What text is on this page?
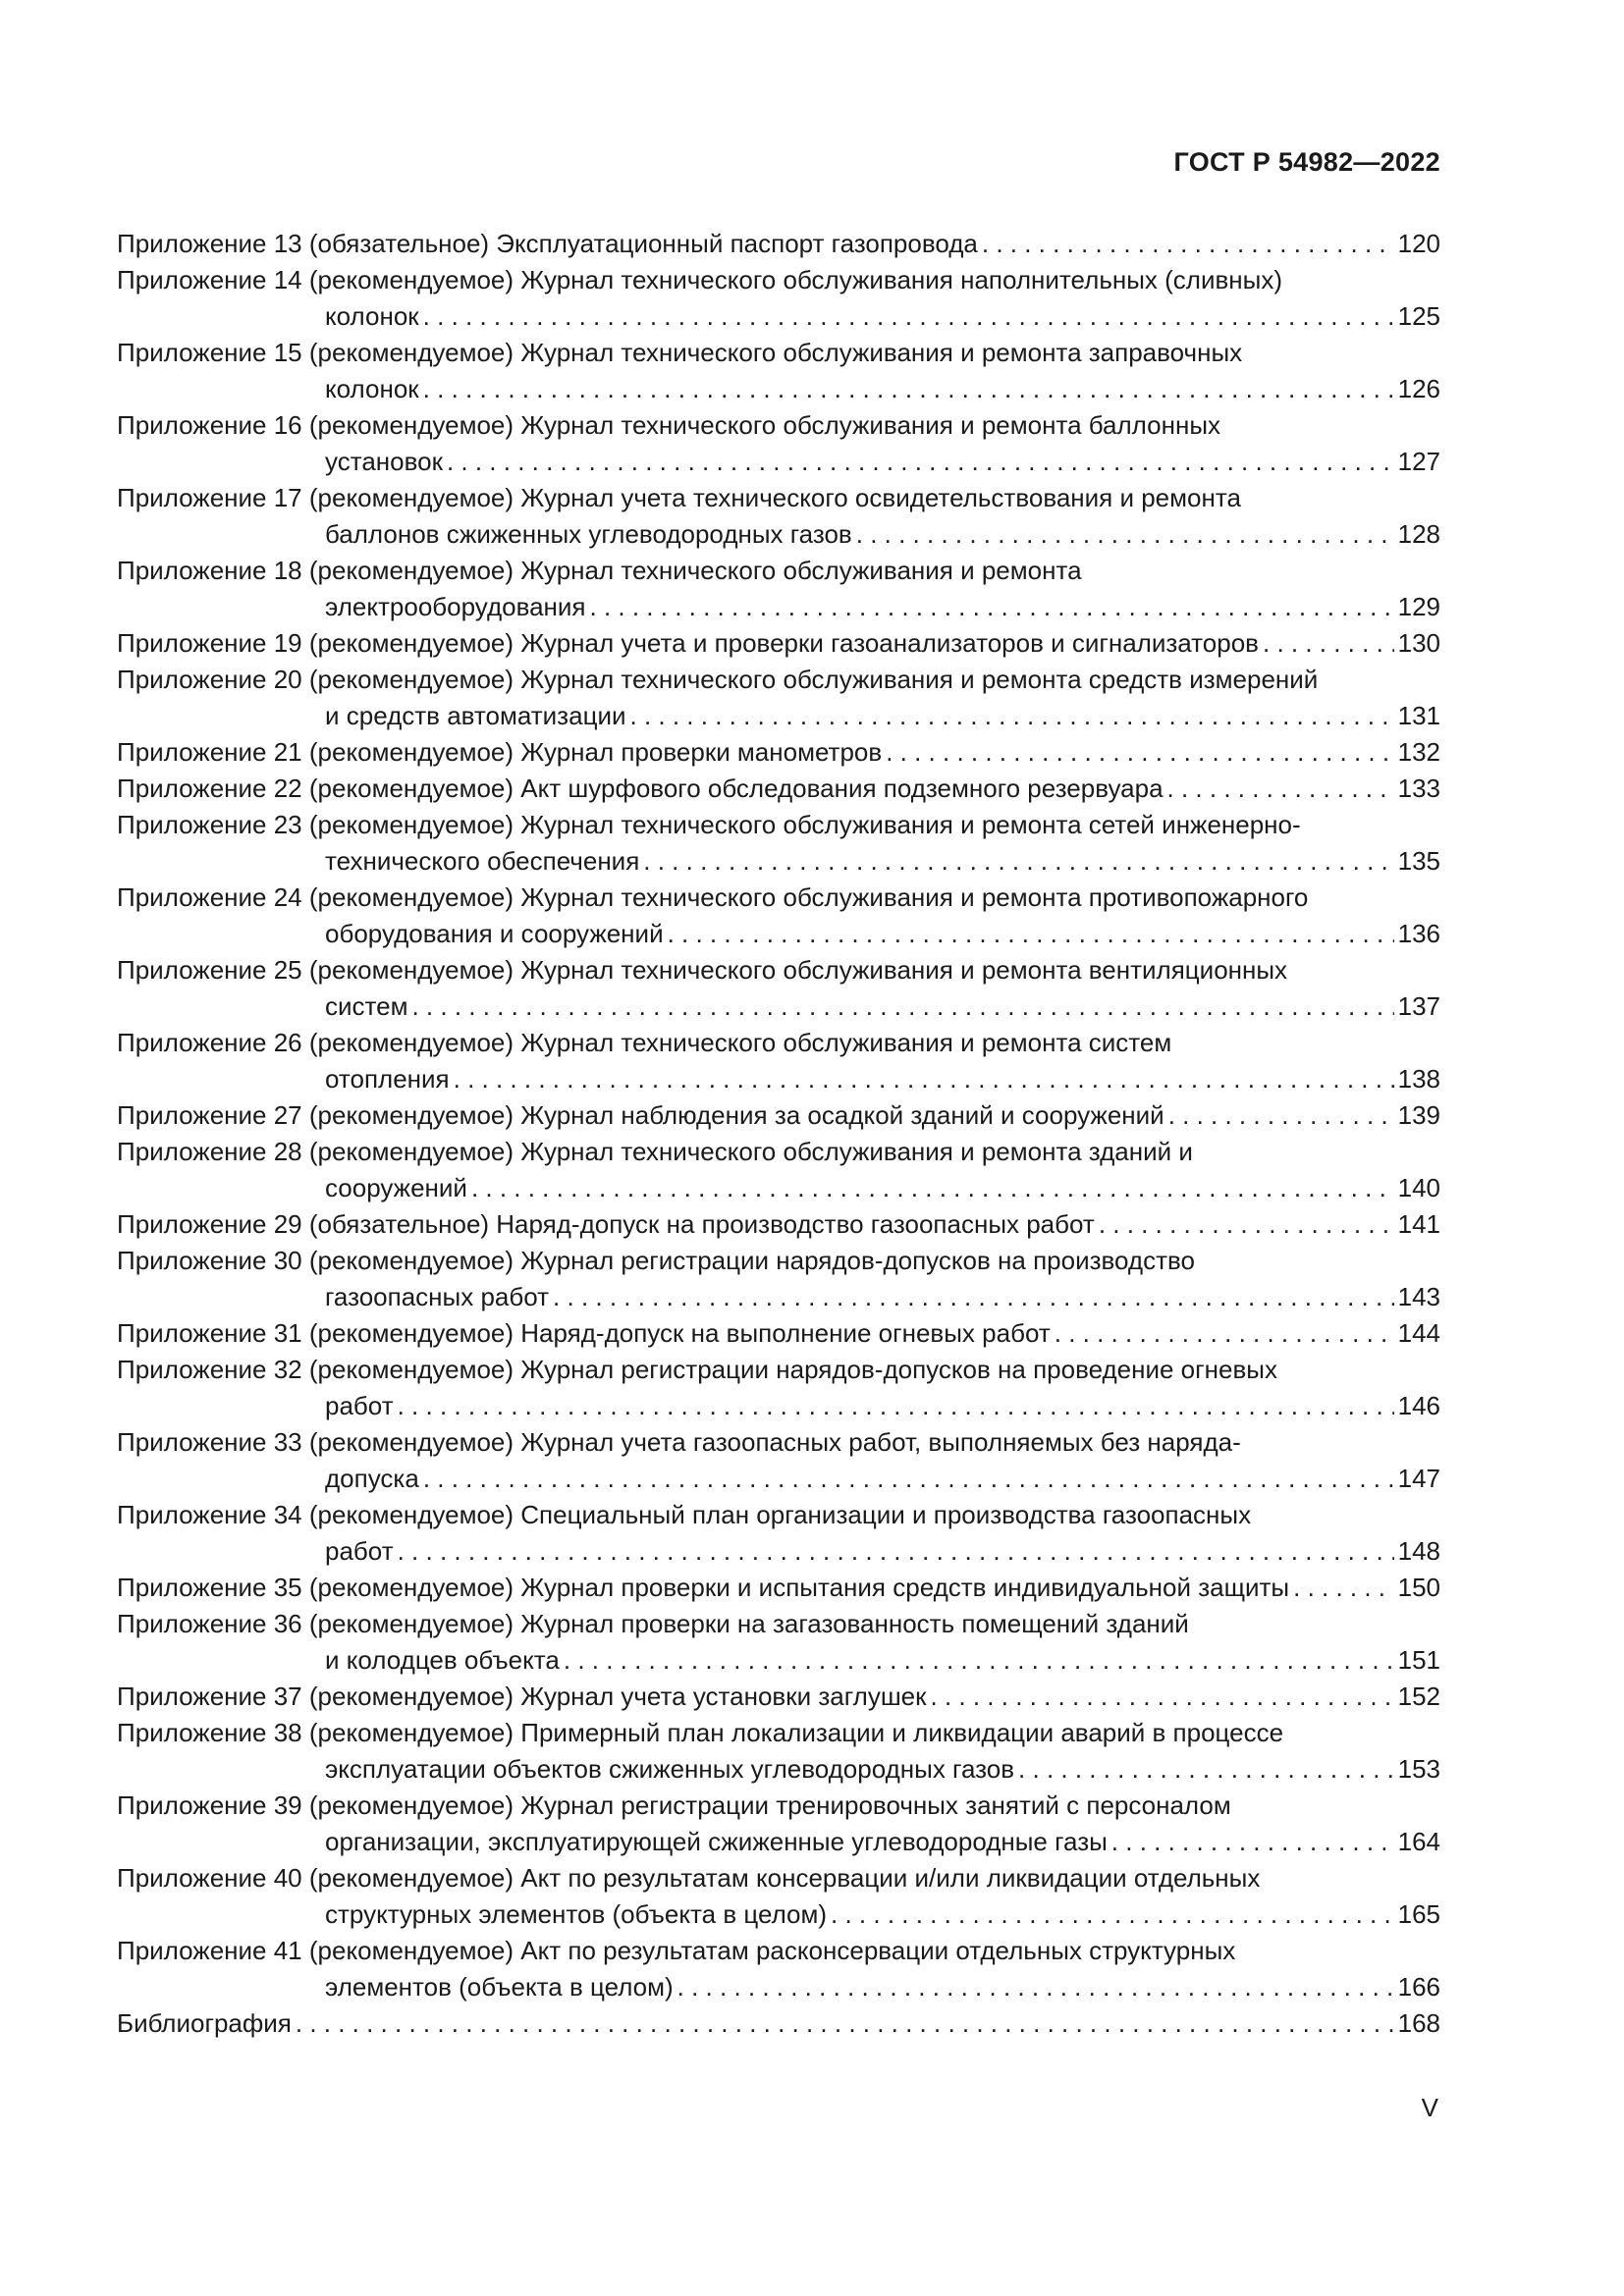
ГОСТ Р 54982—2022
Приложение 13 (обязательное) Эксплуатационный паспорт газопровода . . .	120
Приложение 14 (рекомендуемое) Журнал технического обслуживания наполнительных (сливных)
колонок . . .	125
Приложение 15 (рекомендуемое) Журнал технического обслуживания и ремонта заправочных
колонок . . .	126
Приложение 16 (рекомендуемое) Журнал технического обслуживания и ремонта баллонных
установок . . .	127
Приложение 17 (рекомендуемое) Журнал учета технического освидетельствования и ремонта
баллонов сжиженных углеводородных газов . . .	128
Приложение 18 (рекомендуемое) Журнал технического обслуживания и ремонта
электрооборудования . . .	129
Приложение 19 (рекомендуемое) Журнал учета и проверки газоанализаторов и сигнализаторов . . .	130
Приложение 20 (рекомендуемое) Журнал технического обслуживания и ремонта средств измерений
и средств автоматизации . . .	131
Приложение 21 (рекомендуемое) Журнал проверки манометров . . .	132
Приложение 22 (рекомендуемое) Акт шурфового обследования подземного резервуара . . .	133
Приложение 23 (рекомендуемое) Журнал технического обслуживания и ремонта сетей инженерно-
технического обеспечения . . .	135
Приложение 24 (рекомендуемое) Журнал технического обслуживания и ремонта противопожарного
оборудования и сооружений . . .	136
Приложение 25 (рекомендуемое) Журнал технического обслуживания и ремонта вентиляционных
систем . . .	137
Приложение 26 (рекомендуемое) Журнал технического обслуживания и ремонта систем
отопления . . .	138
Приложение 27 (рекомендуемое) Журнал наблюдения за осадкой зданий и сооружений . . .	139
Приложение 28 (рекомендуемое) Журнал технического обслуживания и ремонта зданий и
сооружений . . .	140
Приложение 29 (обязательное) Наряд-допуск на производство газоопасных работ . . .	141
Приложение 30 (рекомендуемое) Журнал регистрации нарядов-допусков на производство
газоопасных работ . . .	143
Приложение 31 (рекомендуемое) Наряд-допуск на выполнение огневых работ . . .	144
Приложение 32 (рекомендуемое) Журнал регистрации нарядов-допусков на проведение огневых
работ . . .	146
Приложение 33 (рекомендуемое) Журнал учета газоопасных работ, выполняемых без наряда-
допуска . . .	147
Приложение 34 (рекомендуемое) Специальный план организации и производства газоопасных
работ . . .	148
Приложение 35 (рекомендуемое) Журнал проверки и испытания средств индивидуальной защиты . . .	150
Приложение 36 (рекомендуемое) Журнал проверки на загазованность помещений зданий
и колодцев объекта . . .	151
Приложение 37 (рекомендуемое) Журнал учета установки заглушек . . .	152
Приложение 38 (рекомендуемое) Примерный план локализации и ликвидации аварий в процессе
эксплуатации объектов сжиженных углеводородных газов . . .	153
Приложение 39 (рекомендуемое) Журнал регистрации тренировочных занятий с персоналом
организации, эксплуатирующей сжиженные углеводородные газы . . .	164
Приложение 40 (рекомендуемое) Акт по результатам консервации и/или ликвидации отдельных
структурных элементов (объекта в целом) . . .	165
Приложение 41 (рекомендуемое) Акт по результатам расконсервации отдельных структурных
элементов (объекта в целом) . . .	166
Библиография . . .	168
V
